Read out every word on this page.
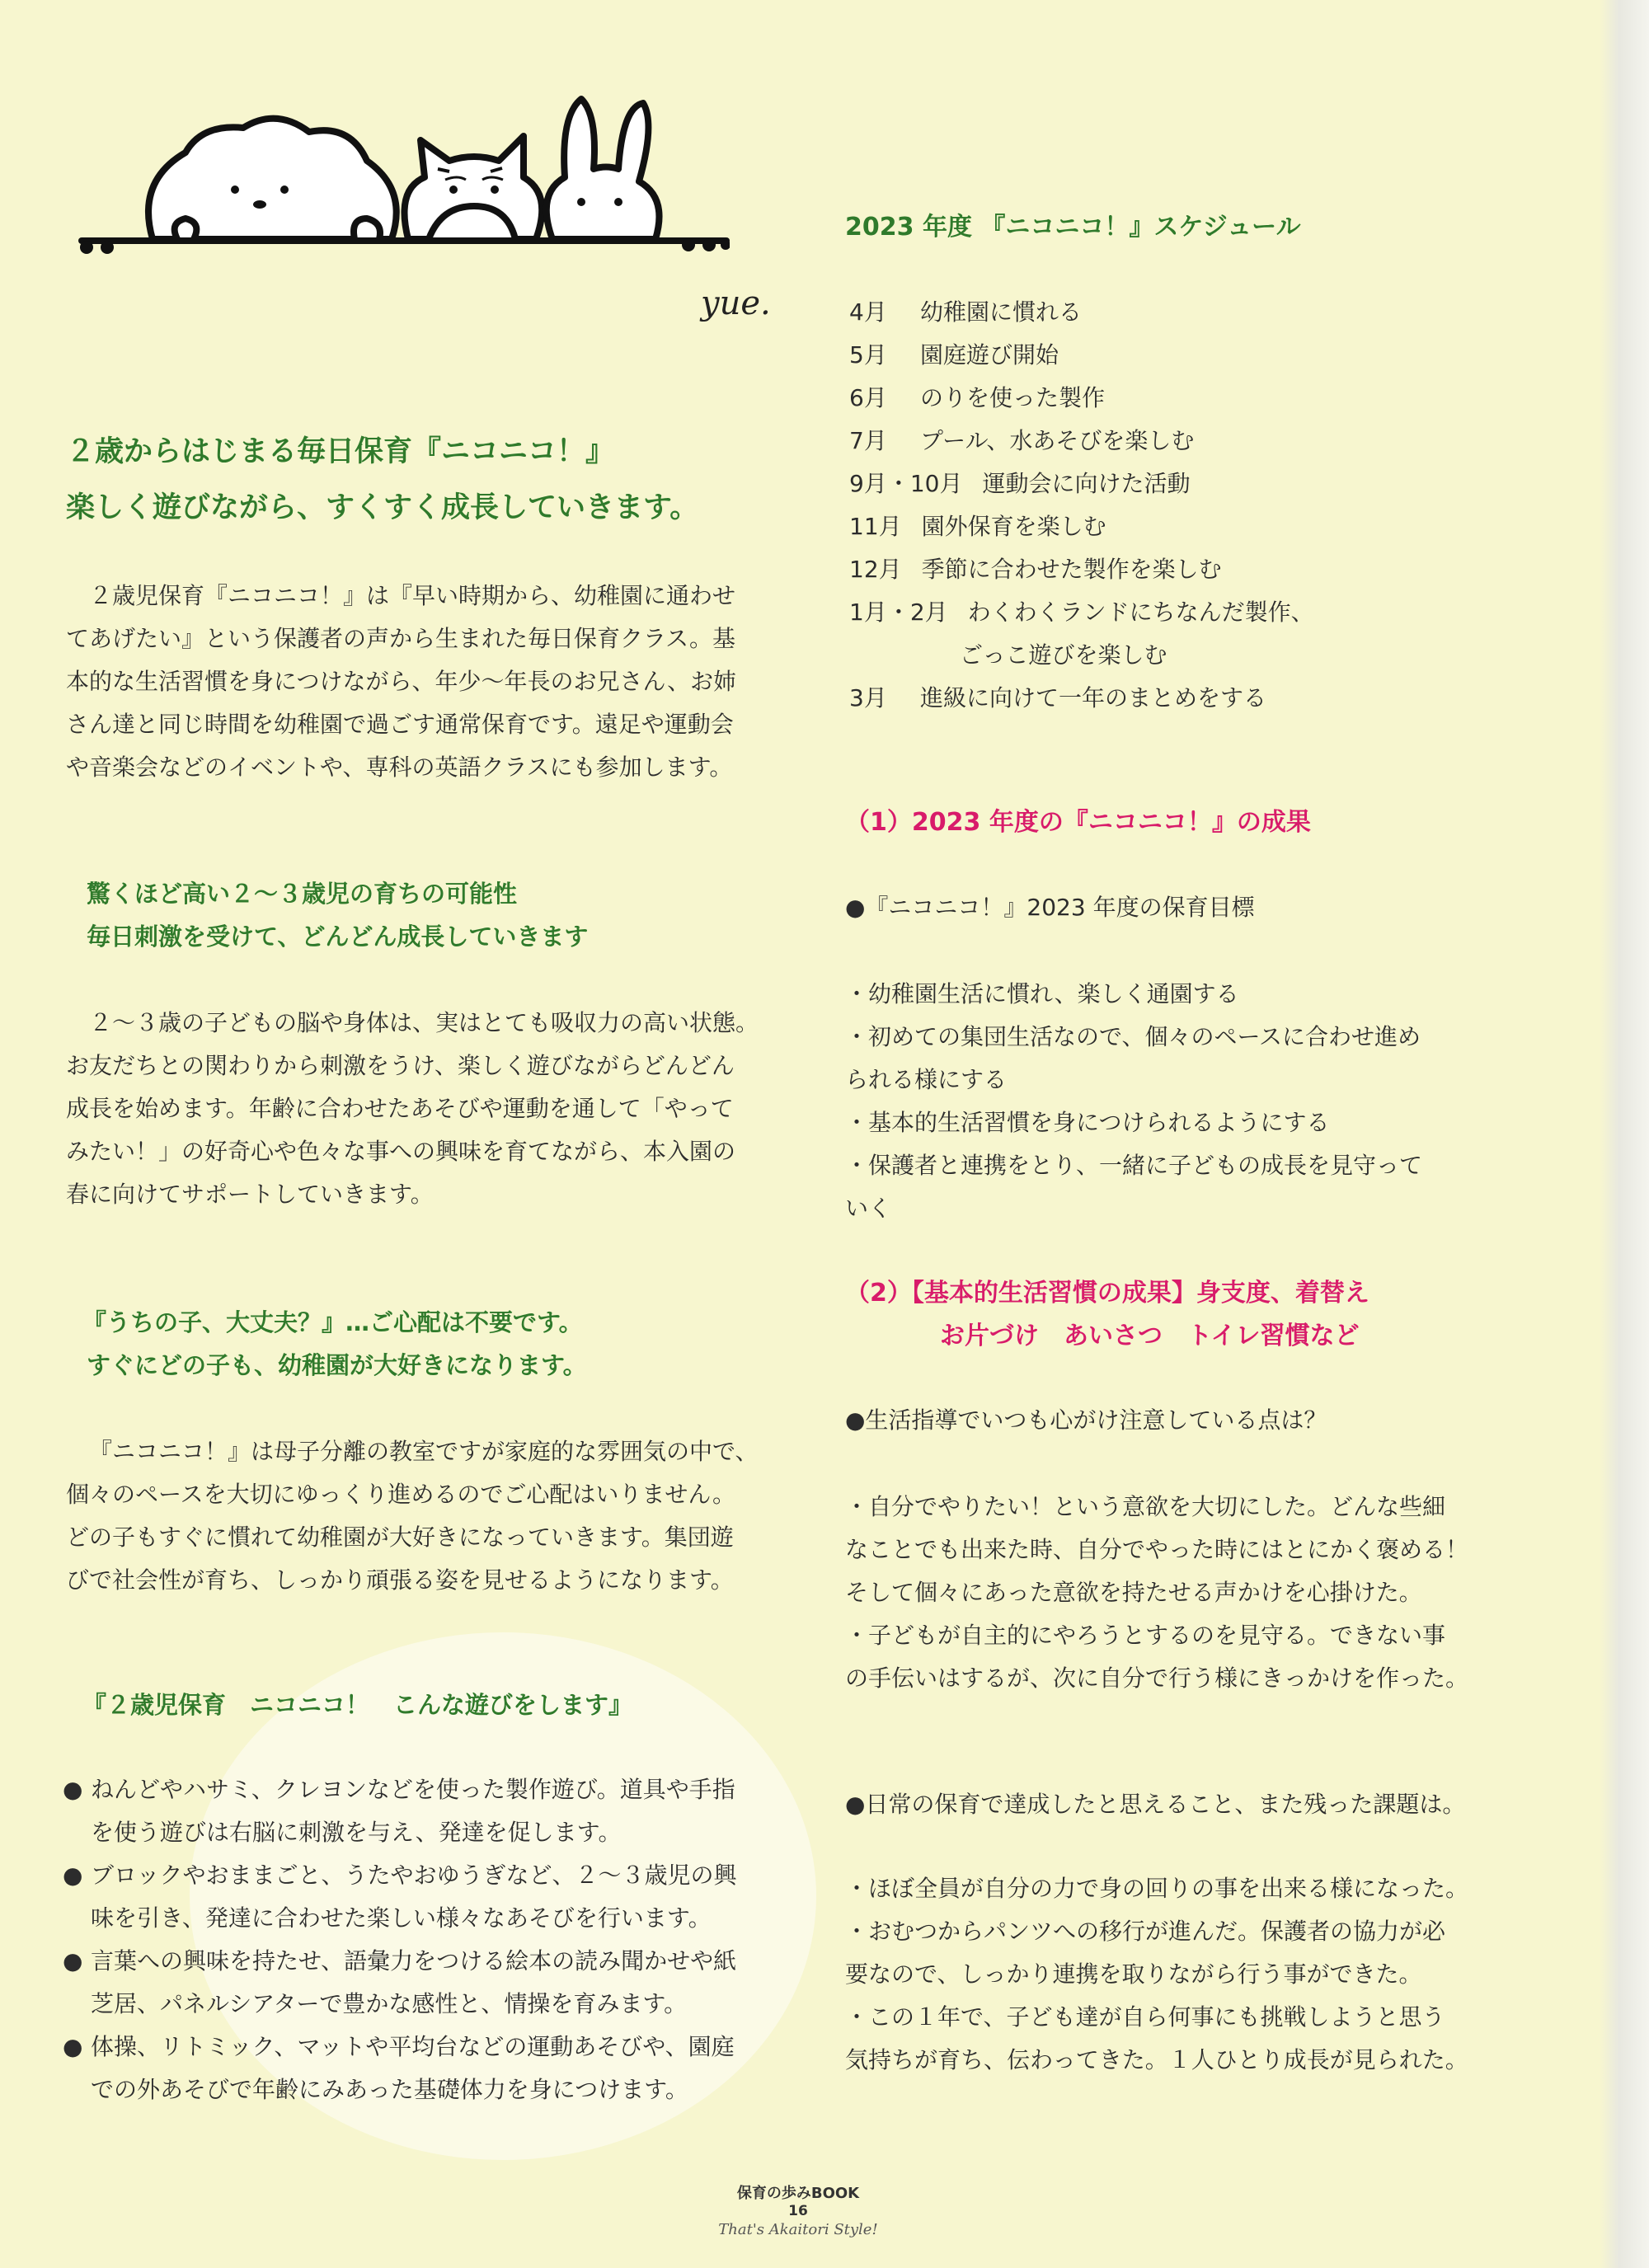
yue.
２歳からはじまる毎日保育『ニコニコ！』
楽しく遊びながら、すくすく成長していきます。
２歳児保育『ニコニコ！』は『早い時期から、幼稚園に通わせ
てあげたい』という保護者の声から生まれた毎日保育クラス。基
本的な生活習慣を身につけながら、年少〜年長のお兄さん、お姉
さん達と同じ時間を幼稚園で過ごす通常保育です。遠足や運動会
や音楽会などのイベントや、専科の英語クラスにも参加します。
驚くほど高い２〜３歳児の育ちの可能性
毎日刺激を受けて、どんどん成長していきます
２〜３歳の子どもの脳や身体は、実はとても吸収力の高い状態。
お友だちとの関わりから刺激をうけ、楽しく遊びながらどんどん
成長を始めます。年齢に合わせたあそびや運動を通して「やって
みたい！」の好奇心や色々な事への興味を育てながら、本入園の
春に向けてサポートしていきます。
『うちの子、大丈夫？』…ご心配は不要です。
すぐにどの子も、幼稚園が大好きになります。
『ニコニコ！』は母子分離の教室ですが家庭的な雰囲気の中で、
個々のペースを大切にゆっくり進めるのでご心配はいりません。
どの子もすぐに慣れて幼稚園が大好きになっていきます。集団遊
びで社会性が育ち、しっかり頑張る姿を見せるようになります。
『２歳児保育　ニコニコ！　こんな遊びをします』
● ねんどやハサミ、クレヨンなどを使った製作遊び。道具や手指
を使う遊びは右脳に刺激を与え、発達を促します。
● ブロックやおままごと、うたやおゆうぎなど、２〜３歳児の興
味を引き、発達に合わせた楽しい様々なあそびを行います。
● 言葉への興味を持たせ、語彙力をつける絵本の読み聞かせや紙
芝居、パネルシアターで豊かな感性と、情操を育みます。
● 体操、リトミック、マットや平均台などの運動あそびや、園庭
での外あそびで年齢にみあった基礎体力を身につけます。
2023 年度 『ニコニコ！』スケジュール
4月	幼稚園に慣れる
5月	園庭遊び開始
6月	のりを使った製作
7月	プール、水あそびを楽しむ
9月・10月 運動会に向けた活動
11月 園外保育を楽しむ
12月 季節に合わせた製作を楽しむ
1月・2月 わくわくランドにちなんだ製作、
ごっこ遊びを楽しむ
3月	進級に向けて一年のまとめをする
（1）2023 年度の『ニコニコ！』の成果
●『ニコニコ！』2023 年度の保育目標
・幼稚園生活に慣れ、楽しく通園する
・初めての集団生活なので、個々のペースに合わせ進め
られる様にする
・基本的生活習慣を身につけられるようにする
・保護者と連携をとり、一緒に子どもの成長を見守って
いく
（2）【基本的生活習慣の成果】身支度、着替え
お片づけ　あいさつ　トイレ習慣など
●生活指導でいつも心がけ注意している点は？
・自分でやりたい！という意欲を大切にした。どんな些細
なことでも出来た時、自分でやった時にはとにかく褒める！
そして個々にあった意欲を持たせる声かけを心掛けた。
・子どもが自主的にやろうとするのを見守る。できない事
の手伝いはするが、次に自分で行う様にきっかけを作った。
●日常の保育で達成したと思えること、また残った課題は。
・ほぼ全員が自分の力で身の回りの事を出来る様になった。
・おむつからパンツへの移行が進んだ。保護者の協力が必
要なので、しっかり連携を取りながら行う事ができた。
・この１年で、子ども達が自ら何事にも挑戦しようと思う
気持ちが育ち、伝わってきた。１人ひとり成長が見られた。
保育の歩みBOOK
16
That's Akaitori Style!
